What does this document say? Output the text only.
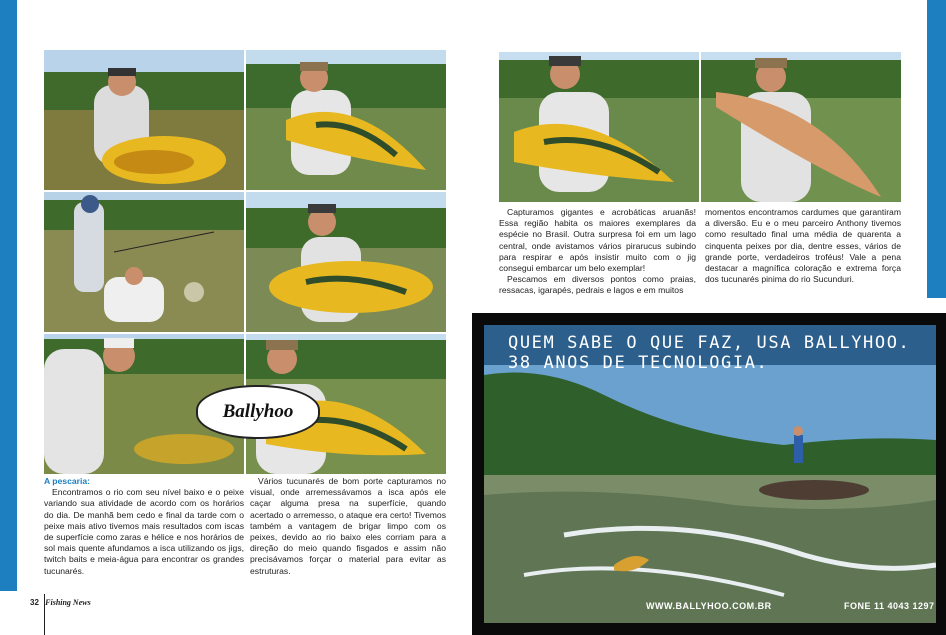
A pescaria:

Encontramos o rio com seu nível baixo e o peixe variando sua atividade de acordo com os horários do dia. De manhã bem cedo e final da tarde com o peixe mais ativo tivemos mais resultados com iscas de superfície como zaras e hélice e nos horários de sol mais quente afundamos a isca utilizando os jigs, twitch baits e meia-água para encontrar os grandes tucunarés.

Vários tucunarés de bom porte capturamos no visual, onde arremessávamos a isca após ele caçar alguma presa na superfície, quando acertado o arremesso, o ataque era certo! Tivemos também a vantagem de brigar limpo com os peixes, devido ao rio baixo eles corriam para a direção do meio quando fisgados e assim não precisávamos forçar o material para evitar as estruturas.

32 Fishing News

Capturamos gigantes e acrobáticas aruanãs! Essa região habita os maiores exemplares da espécie no Brasil. Outra surpresa foi em um lago central, onde avistamos vários pirarucus subindo para respirar e após insistir muito com o jig consegui embarcar um belo exemplar!

Pescamos em diversos pontos como praias, ressacas, igarapés, pedrais e lagos e em muitos

momentos encontramos cardumes que garantiram a diversão. Eu e o meu parceiro Anthony tivemos como resultado final uma média de quarenta a cinquenta peixes por dia, dentre esses, vários de grande porte, verdadeiros troféus! Vale a pena destacar a magnífica coloração e extrema força dos tucunarés pinima do rio Sucunduri.

QUEM SABE O QUE FAZ, USA BALLYHOO.
38 ANOS DE TECNOLOGIA.
WWW.BALLYHOO.COM.BR	FONE 11 4043 1297
Ballyhoo
